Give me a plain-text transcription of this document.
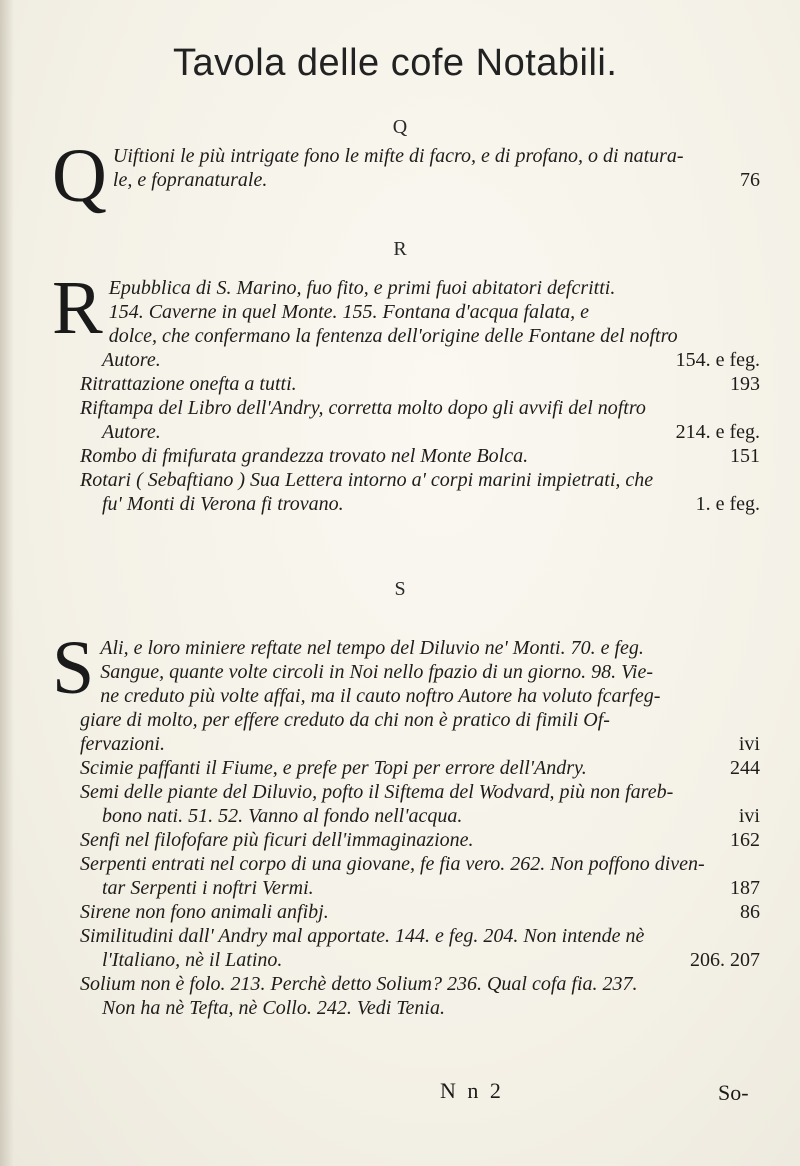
Tavola delle cofe Notabili.
Q
Q Uiftioni le più intrigate fono le mifte di facro, e di profano, o di natura-
le, e fopranaturale.	76
R
R Epubblica di S. Marino, fuo fito, e primi fuoi abitatori defcritti.
154. Caverne in quel Monte. 155. Fontana d'acqua falata, e
dolce, che confermano la fentenza dell'origine delle Fontane del noftro
Autore.	154. e feg.
Ritrattazione onefta a tutti.	193
Riftampa del Libro dell'Andry, corretta molto dopo gli avvifi del noftro
Autore.	214. e feg.
Rombo di fmifurata grandezza trovato nel Monte Bolca.	151
Rotari ( Sebaftiano ) Sua Lettera intorno a' corpi marini impietrati, che
fu' Monti di Verona fi trovano.	1. e feg.
S
S Ali, e loro miniere reftate nel tempo del Diluvio ne' Monti. 70. e feg.
Sangue, quante volte circoli in Noi nello fpazio di un giorno. 98. Vie-
ne creduto più volte affai, ma il cauto noftro Autore ha voluto fcarfeg-
giare di molto, per effere creduto da chi non è pratico di fimili Of-
fervazioni.	ivi
Scimie paffanti il Fiume, e prefe per Topi per errore dell'Andry.	244
Semi delle piante del Diluvio, pofto il Siftema del Wodvard, più non fareb-
bono nati. 51. 52. Vanno al fondo nell'acqua.	ivi
Senfi nel filofofare più ficuri dell'immaginazione.	162
Serpenti entrati nel corpo di una giovane, fe fia vero. 262. Non poffono diven-
tar Serpenti i noftri Vermi.	187
Sirene non fono animali anfibj.	86
Similitudini dall' Andry mal apportate. 144. e feg. 204. Non intende nè
l'Italiano, nè il Latino.	206. 207
Solium non è folo. 213. Perchè detto Solium? 236. Qual cofa fia. 237.
Non ha nè Tefta, nè Collo. 242. Vedi Tenia.
N n 2	So-
